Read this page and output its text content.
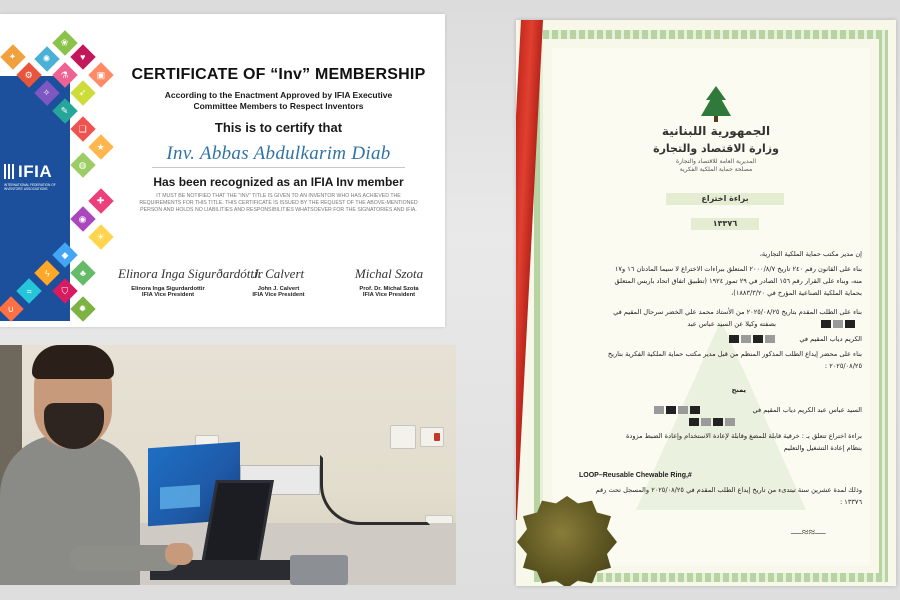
✦
⚙
✺
❀
♥
⚗
✧	➶
▣
✎
❏
★
◍
✚
◉
☀
◆
♣
ϟ
≈	⛉
✹
∪
IFIA
INTERNATIONAL FEDERATION OF INVENTORS' ASSOCIATIONS
CERTIFICATE OF “Inv” MEMBERSHIP
According to the Enactment Approved by IFIA Executive Committee Members to Respect Inventors
This is to certify that
Inv. Abbas Abdulkarim Diab
Has been recognized as an IFIA Inv member
IT MUST BE NOTIFIED THAT THE "INV" TITLE IS GIVEN TO AN INVENTOR WHO HAS ACHIEVED THE REQUIREMENTS FOR THIS TITLE. THIS CERTIFICATE IS ISSUED BY THE REQUEST OF THE ABOVE-MENTIONED PERSON AND HOLDS NO LIABILITIES AND RESPONSIBILITIES WHATSOEVER FOR THE SIGNATORIES AND IFIA.
Elinora Inga Sigurðardóttir
Elinora Inga Sigurdardottir
IFIA Vice President
J. Calvert
John J. Calvert
IFIA Vice President
Michal Szota
Prof. Dr. Michal Szota
IFIA Vice President
الجمهورية اللبنانية
وزارة الاقتصاد والتجارة
المديرية العامة للاقتصاد والتجارة
مصلحة حماية الملكية الفكرية
براءة اختراع
١٣٣٧٦
إن مدير مكتب حماية الملكية التجارية،
بناء على القانون رقم ٢٤٠ تاريخ ٢٠٠٠/٨/٧ المتعلق ببراءات الاختراع لا سيما المادتان ١٦ و١٧
منه، وبناء على القرار رقم ١٥٦ الصادر في ٢٩ تموز ١٩٢٤ (تطبيق اتفاق اتحاد باريس المتعلق
بحماية الملكية الصناعية المؤرخ في ١٨٨٣/٣/٢٠)،
بناء على الطلب المقدم بتاريخ ٢٠٢٥/٠٨/٢٥ من الأستاذ محمد علي الخضر سرحال المقيم في
بصفته وكيلا عن السيد عباس عبد
الكريم دياب المقيم في
بناء على محضر إيداع الطلب المذكور المنظم من قبل مدير مكتب حماية الملكية الفكرية بتاريخ
٢٠٢٥/٠٨/٢٥ :
يمنح
السيد عباس عبد الكريم دياب المقيم في
براءة اختراع تتعلق بـ : خرقية قابلة للمضغ وقابلة لإعادة الاستخدام وإعادة الضبط مزودة
بنظام إعادة التشغيل والتعليم
LOOP–Reusable Chewable Ring,#
وذلك لمدة عشرين سنة تبتدىء من تاريخ إيداع الطلب المقدم في ٢٠٢٥/٠٨/٢٥ والمسجل تحت رقم
١٣٣٧٦ :
—≈≈—
